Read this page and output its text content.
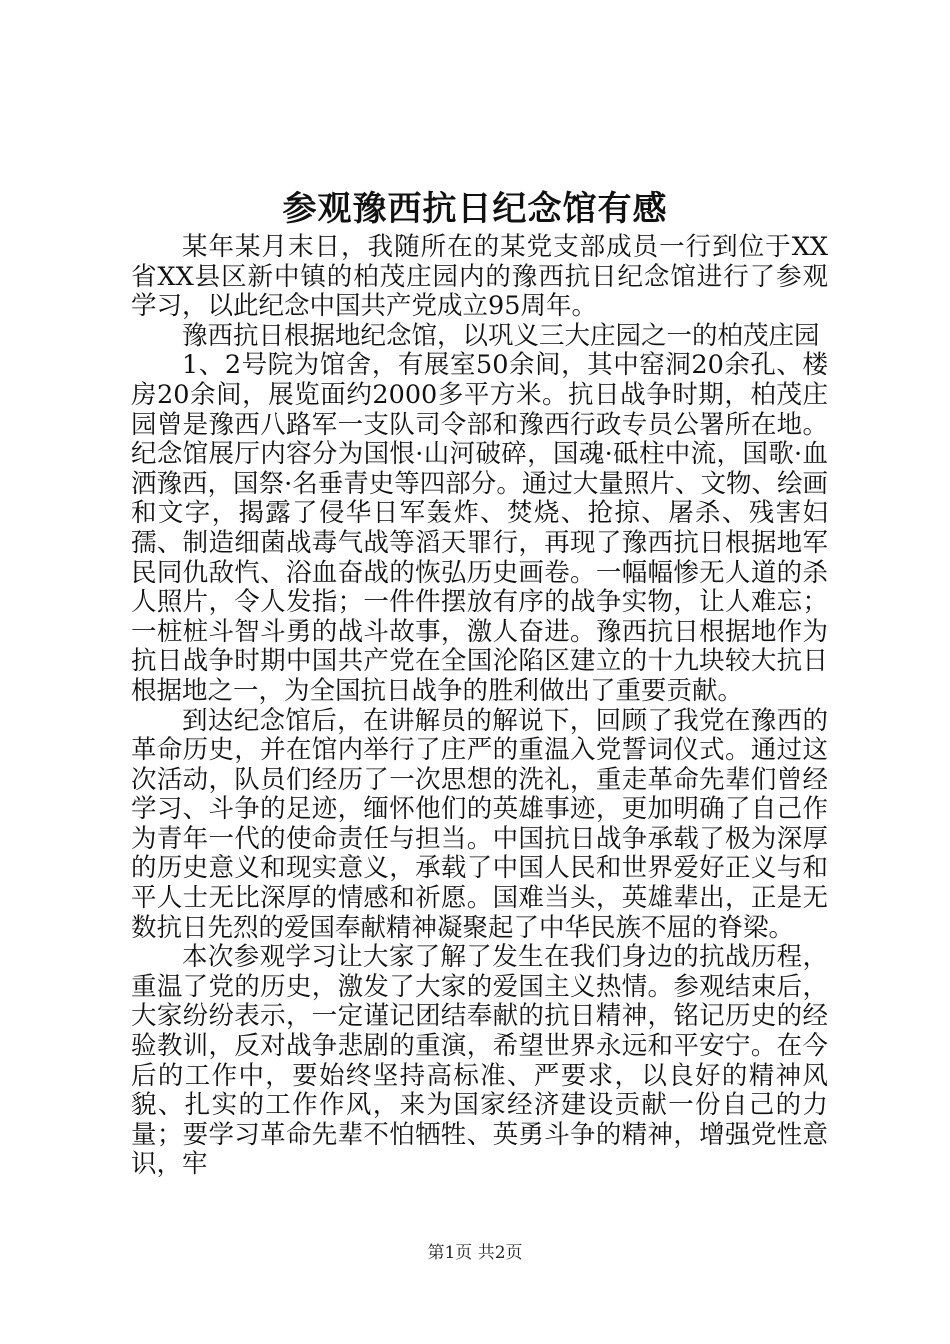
参观豫西抗日纪念馆有感

某年某月末日，我随所在的某党支部成员一行到位于XX省XX县区新中镇的柏茂庄园内的豫西抗日纪念馆进行了参观学习，以此纪念中国共产党成立95周年。

豫西抗日根据地纪念馆，以巩义三大庄园之一的柏茂庄园

1、2号院为馆舍，有展室50余间，其中窑洞20余孔、楼房20余间，展览面约2000多平方米。抗日战争时期，柏茂庄园曾是豫西八路军一支队司令部和豫西行政专员公署所在地。纪念馆展厅内容分为国恨·山河破碎，国魂·砥柱中流，国歌·血洒豫西，国祭·名垂青史等四部分。通过大量照片、文物、绘画和文字，揭露了侵华日军轰炸、焚烧、抢掠、屠杀、残害妇孺、制造细菌战毒气战等滔天罪行，再现了豫西抗日根据地军民同仇敌忾、浴血奋战的恢弘历史画卷。一幅幅惨无人道的杀人照片，令人发指；一件件摆放有序的战争实物，让人难忘；一桩桩斗智斗勇的战斗故事，激人奋进。豫西抗日根据地作为抗日战争时期中国共产党在全国沦陷区建立的十九块较大抗日根据地之一，为全国抗日战争的胜利做出了重要贡献。

到达纪念馆后，在讲解员的解说下，回顾了我党在豫西的革命历史，并在馆内举行了庄严的重温入党誓词仪式。通过这次活动，队员们经历了一次思想的洗礼，重走革命先辈们曾经学习、斗争的足迹，缅怀他们的英雄事迹，更加明确了自己作为青年一代的使命责任与担当。中国抗日战争承载了极为深厚的历史意义和现实意义，承载了中国人民和世界爱好正义与和平人士无比深厚的情感和祈愿。国难当头，英雄辈出，正是无数抗日先烈的爱国奉献精神凝聚起了中华民族不屈的脊梁。

本次参观学习让大家了解了发生在我们身边的抗战历程，重温了党的历史，激发了大家的爱国主义热情。参观结束后，大家纷纷表示，一定谨记团结奉献的抗日精神，铭记历史的经验教训，反对战争悲剧的重演，希望世界永远和平安宁。在今后的工作中，要始终坚持高标准、严要求，以良好的精神风貌、扎实的工作作风，来为国家经济建设贡献一份自己的力量；要学习革命先辈不怕牺牲、英勇斗争的精神，增强党性意识，牢

第1页 共2页
